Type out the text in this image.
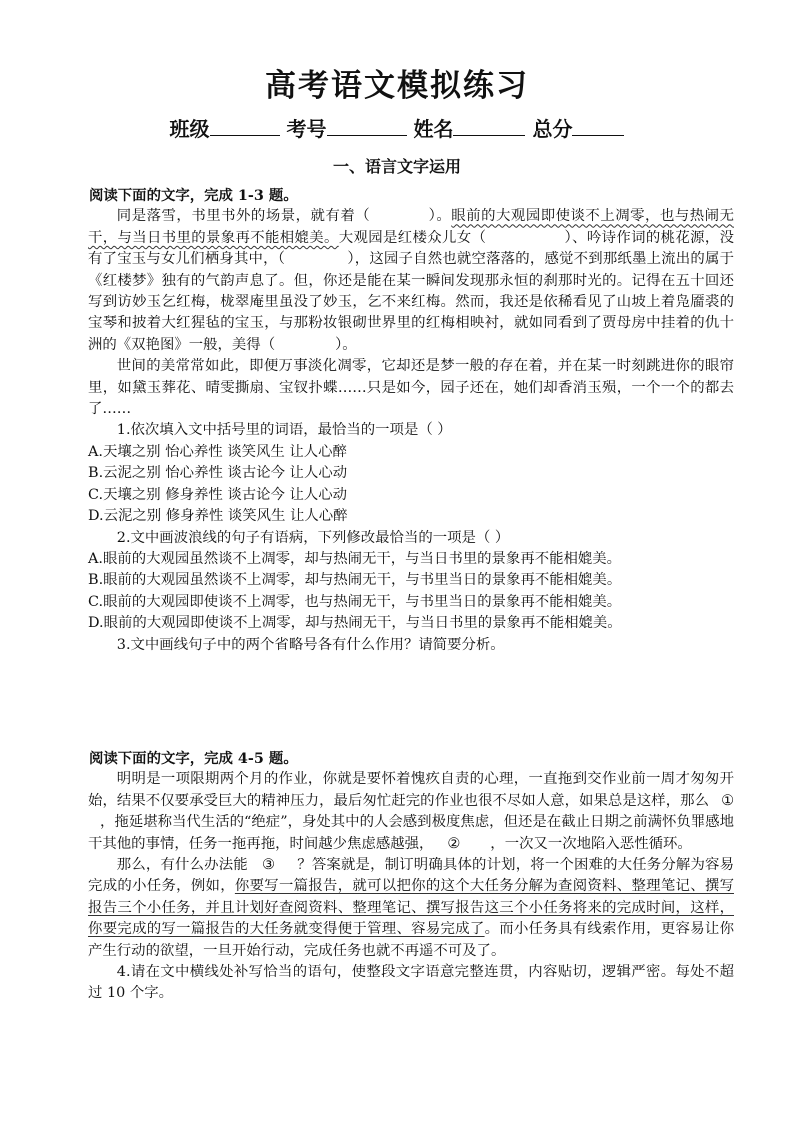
高考语文模拟练习
班级	考号	姓名	总分
一、语言文字运用

阅读下面的文字，完成 1-3 题。

同是落雪，书里书外的场景，就有着（	）。眼前的大观园即使谈不上凋零，也与热闹无干，与当日书里的景象再不能相媲美。大观园是红楼众儿女（	）、吟诗作词的桃花源，没有了宝玉与女儿们栖身其中，（	），这园子自然也就空落落的，感觉不到那纸墨上流出的属于《红楼梦》独有的气韵声息了。但，你还是能在某一瞬间发现那永恒的刹那时光的。记得在五十回还写到访妙玉乞红梅，栊翠庵里虽没了妙玉，乞不来红梅。然而，我还是依稀看见了山坡上着凫靥裘的宝琴和披着大红猩毡的宝玉，与那粉妆银砌世界里的红梅相映衬，就如同看到了贾母房中挂着的仇十洲的《双艳图》一般，美得（	）。

世间的美常常如此，即便万事淡化凋零，它却还是梦一般的存在着，并在某一时刻跳进你的眼帘里，如黛玉葬花、晴雯撕扇、宝钗扑蝶……只是如今，园子还在，她们却香消玉殒，一个一个的都去了……

1.依次填入文中括号里的词语，最恰当的一项是（ ）

A.天壤之别 怡心养性 谈笑风生 让人心醉

B.云泥之别 怡心养性 谈古论今 让人心动

C.天壤之别 修身养性 谈古论今 让人心动

D.云泥之别 修身养性 谈笑风生 让人心醉

2.文中画波浪线的句子有语病，下列修改最恰当的一项是（ ）

A.眼前的大观园虽然谈不上凋零，却与热闹无干，与当日书里的景象再不能相媲美。

B.眼前的大观园虽然谈不上凋零，却与热闹无干，与书里当日的景象再不能相媲美。

C.眼前的大观园即使谈不上凋零，也与热闹无干，与书里当日的景象再不能相媲美。

D.眼前的大观园即使谈不上凋零，却与热闹无干，与当日书里的景象再不能相媲美。

3.文中画线句子中的两个省略号各有什么作用？请简要分析。

阅读下面的文字，完成 4-5 题。

明明是一项限期两个月的作业，你就是要怀着愧疚自责的心理，一直拖到交作业前一周才匆匆开始，结果不仅要承受巨大的精神压力，最后匆忙赶完的作业也很不尽如人意，如果总是这样，那么 ①，拖延堪称当代生活的“绝症”，身处其中的人会感到极度焦虑，但还是在截止日期之前满怀负罪感地干其他的事情，任务一拖再拖，时间越少焦虑感越强， ② ，一次又一次地陷入恶性循环。

那么，有什么办法能 ③ ？答案就是，制订明确具体的计划，将一个困难的大任务分解为容易完成的小任务，例如，你要写一篇报告，就可以把你的这个大任务分解为查阅资料、整理笔记、撰写报告三个小任务，并且计划好查阅资料、整理笔记、撰写报告这三个小任务将来的完成时间，这样，你要完成的写一篇报告的大任务就变得便于管理、容易完成了。而小任务具有线索作用，更容易让你产生行动的欲望，一旦开始行动，完成任务也就不再遥不可及了。

4.请在文中横线处补写恰当的语句，使整段文字语意完整连贯，内容贴切，逻辑严密。每处不超过 10 个字。
